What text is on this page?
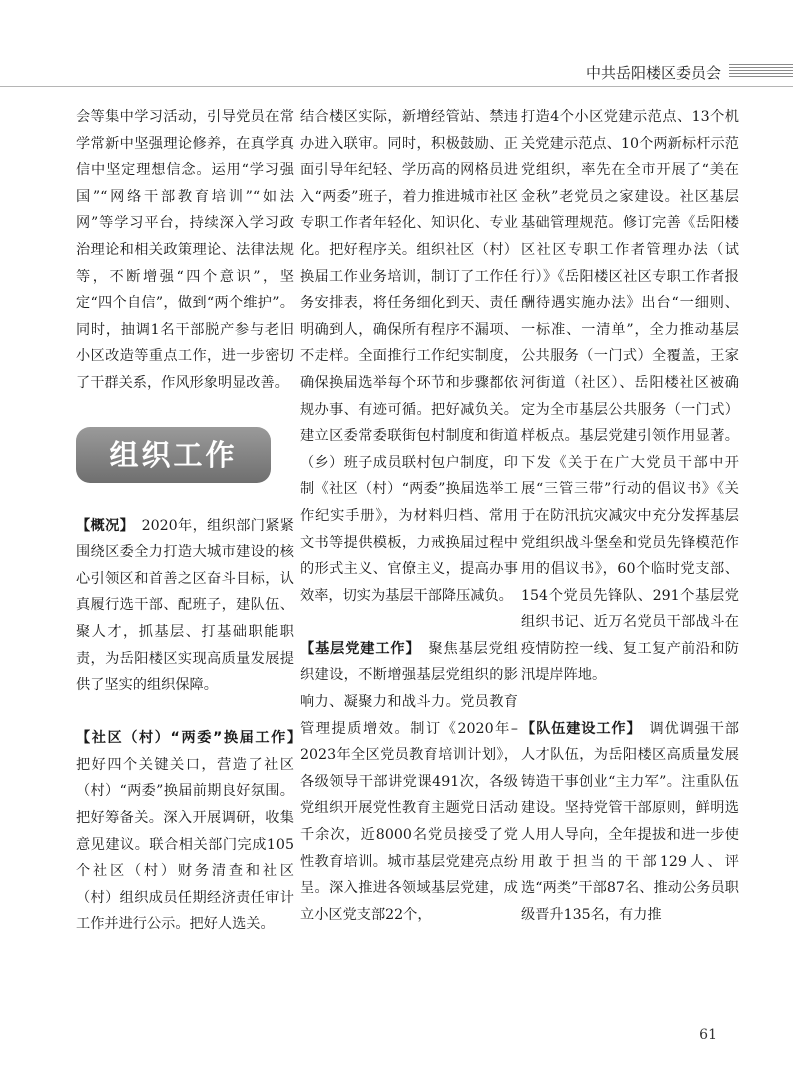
中共岳阳楼区委员会

会等集中学习活动，引导党员在常学常新中坚强理论修养，在真学真信中坚定理想信念。运用“学习强国”“网络干部教育培训”“如法网”等学习平台，持续深入学习政治理论和相关政策理论、法律法规等，不断增强“四个意识”，坚定“四个自信”，做到“两个维护”。同时，抽调1名干部脱产参与老旧小区改造等重点工作，进一步密切了干群关系，作风形象明显改善。

组织工作

【概况】　 2020年，组织部门紧紧围绕区委全力打造大城市建设的核心引领区和首善之区奋斗目标，认真履行选干部、配班子，建队伍、聚人才，抓基层、打基础职能职责，为岳阳楼区实现高质量发展提供了坚实的组织保障。

【社区（村）“两委”换届工作】　把好四个关键关口，营造了社区（村）“两委”换届前期良好氛围。把好筹备关。深入开展调研，收集意见建议。联合相关部门完成105个社区（村）财务清查和社区（村）组织成员任期经济责任审计工作并进行公示。把好人选关。

结合楼区实际，新增经管站、禁违办进入联审。同时，积极鼓励、正面引导年纪轻、学历高的网格员进入“两委”班子，着力推进城市社区专职工作者年轻化、知识化、专业化。把好程序关。组织社区（村）换届工作业务培训，制订了工作任务安排表，将任务细化到天、责任明确到人，确保所有程序不漏项、不走样。全面推行工作纪实制度，确保换届选举每个环节和步骤都依规办事、有迹可循。把好减负关。建立区委常委联街包村制度和街道（乡）班子成员联村包户制度，印制《社区（村）“两委”换届选举工作纪实手册》，为材料归档、常用文书等提供模板，力戒换届过程中的形式主义、官僚主义，提高办事效率，切实为基层干部降压减负。

【基层党建工作】　 聚焦基层党组织建设，不断增强基层党组织的影响力、凝聚力和战斗力。党员教育管理提质增效。制订《2020年–2023年全区党员教育培训计划》，各级领导干部讲党课491次，各级党组织开展党性教育主题党日活动千余次，近8000名党员接受了党性教育培训。城市基层党建亮点纷呈。深入推进各领域基层党建，成立小区党支部22个，

打造4个小区党建示范点、13个机关党建示范点、10个两新标杆示范党组织，率先在全市开展了“美在金秋”老党员之家建设。社区基层基础管理规范。修订完善《岳阳楼区社区专职工作者管理办法（试行）》《岳阳楼区社区专职工作者报酬待遇实施办法》出台“一细则、一标准、一清单”，全力推动基层公共服务（一门式）全覆盖，王家河街道（社区）、岳阳楼社区被确定为全市基层公共服务（一门式）样板点。基层党建引领作用显著。下发《关于在广大党员干部中开展“三管三带”行动的倡议书》《关于在防汛抗灾减灾中充分发挥基层党组织战斗堡垒和党员先锋模范作用的倡议书》，60个临时党支部、154个党员先锋队、291个基层党组织书记、近万名党员干部战斗在疫情防控一线、复工复产前沿和防汛堤岸阵地。

【队伍建设工作】　 调优调强干部人才队伍，为岳阳楼区高质量发展铸造干事创业“主力军”。注重队伍建设。坚持党管干部原则，鲜明选人用人导向，全年提拔和进一步使用敢于担当的干部129人、评选“两类”干部87名、推动公务员职级晋升135名，有力推

61
